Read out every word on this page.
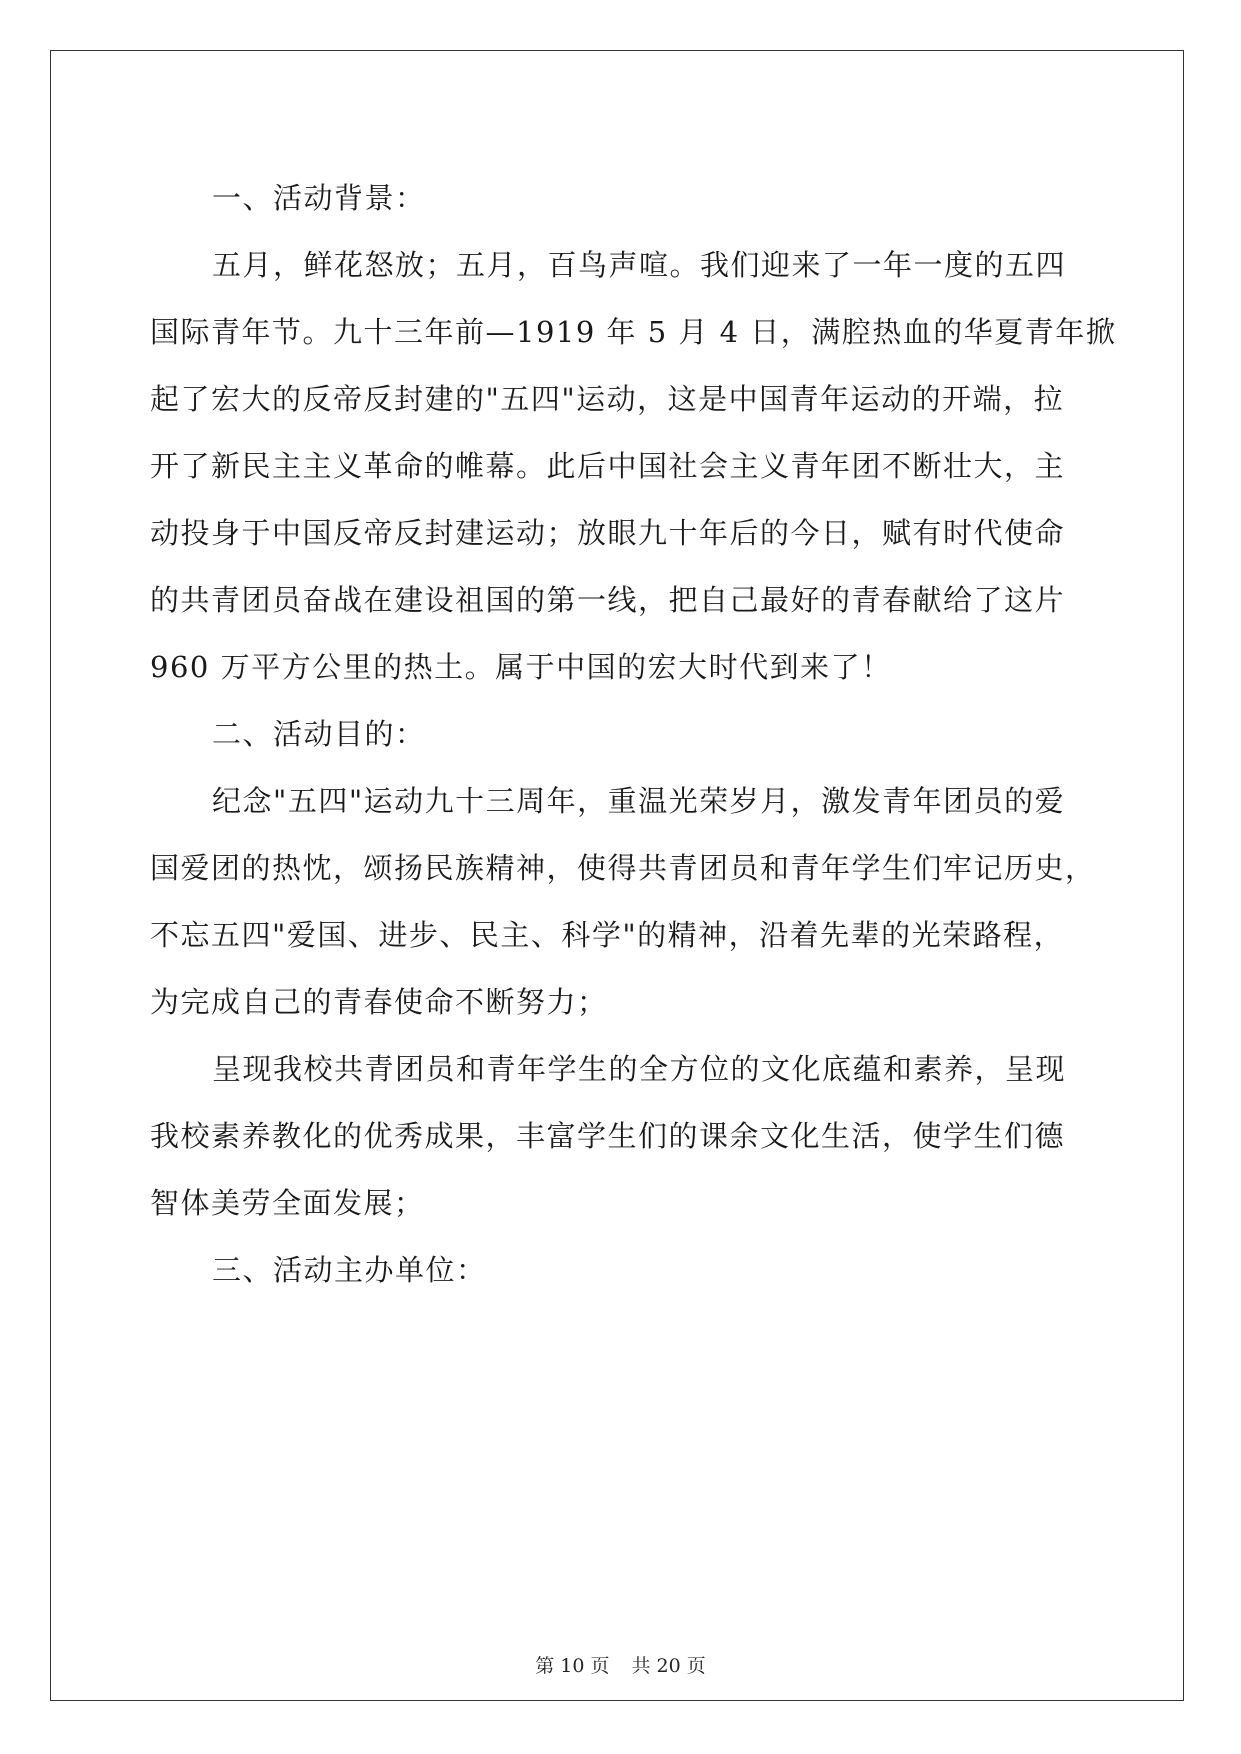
一、活动背景：
五月，鲜花怒放；五月，百鸟声喧。我们迎来了一年一度的五四
国际青年节。九十三年前—1919 年 5 月 4 日，满腔热血的华夏青年掀
起了宏大的反帝反封建的"五四"运动，这是中国青年运动的开端，拉
开了新民主主义革命的帷幕。此后中国社会主义青年团不断壮大，主
动投身于中国反帝反封建运动；放眼九十年后的今日，赋有时代使命
的共青团员奋战在建设祖国的第一线，把自己最好的青春献给了这片
960 万平方公里的热土。属于中国的宏大时代到来了！
二、活动目的：
纪念"五四"运动九十三周年，重温光荣岁月，激发青年团员的爱
国爱团的热忱，颂扬民族精神，使得共青团员和青年学生们牢记历史，
不忘五四"爱国、进步、民主、科学"的精神，沿着先辈的光荣路程，
为完成自己的青春使命不断努力；
呈现我校共青团员和青年学生的全方位的文化底蕴和素养，呈现
我校素养教化的优秀成果，丰富学生们的课余文化生活，使学生们德
智体美劳全面发展；
三、活动主办单位：
第 10 页 共 20 页
